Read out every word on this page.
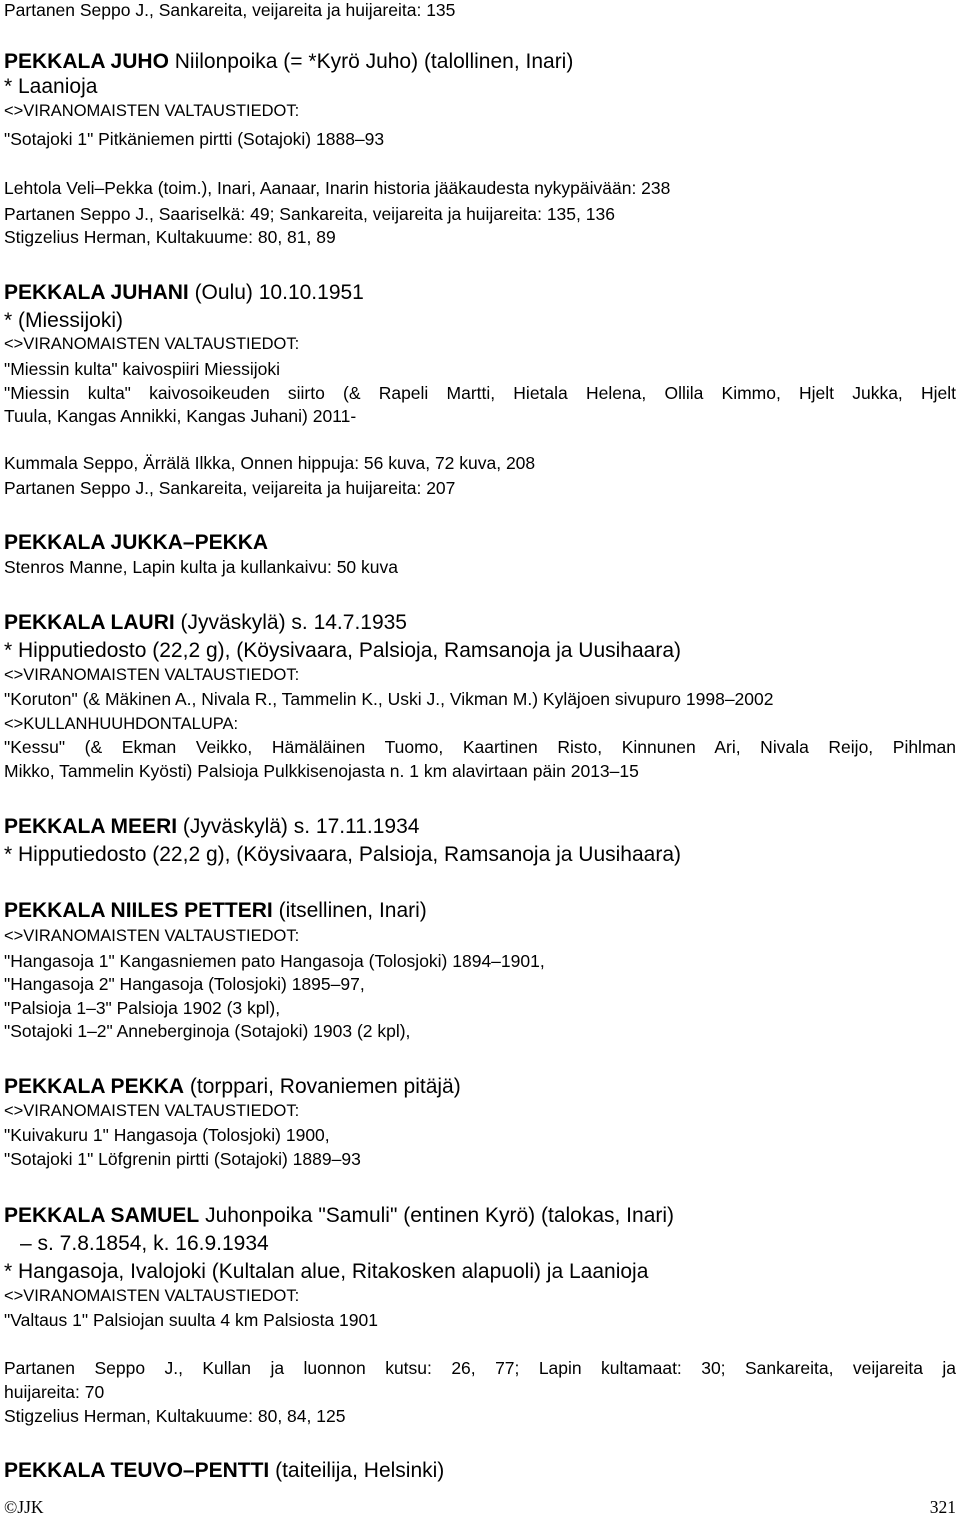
Partanen Seppo J., Sankareita, veijareita ja huijareita: 135
PEKKALA JUHO Niilonpoika (= *Kyrö Juho) (talollinen, Inari)
* Laanioja
<>VIRANOMAISTEN VALTAUSTIEDOT:
"Sotajoki 1" Pitkäniemen pirtti (Sotajoki) 1888–93
Lehtola Veli–Pekka (toim.), Inari, Aanaar, Inarin historia jääkaudesta nykypäivään: 238
Partanen Seppo J., Saariselkä: 49; Sankareita, veijareita ja huijareita: 135, 136
Stigzelius Herman, Kultakuume: 80, 81, 89
PEKKALA JUHANI (Oulu) 10.10.1951
* (Miessijoki)
<>VIRANOMAISTEN VALTAUSTIEDOT:
"Miessin kulta" kaivospiiri Miessijoki
"Miessin kulta" kaivosoikeuden siirto (& Rapeli Martti, Hietala Helena, Ollila Kimmo, Hjelt Jukka, Hjelt
Tuula, Kangas Annikki, Kangas Juhani) 2011-
Kummala Seppo, Ärrälä Ilkka, Onnen hippuja: 56 kuva, 72 kuva, 208
Partanen Seppo J., Sankareita, veijareita ja huijareita: 207
PEKKALA JUKKA–PEKKA
Stenros Manne, Lapin kulta ja kullankaivu: 50 kuva
PEKKALA LAURI (Jyväskylä) s. 14.7.1935
* Hipputiedosto (22,2 g), (Köysivaara, Palsioja, Ramsanoja ja Uusihaara)
<>VIRANOMAISTEN VALTAUSTIEDOT:
"Koruton" (& Mäkinen A., Nivala R., Tammelin K., Uski J., Vikman M.) Kyläjoen sivupuro 1998–2002
<>KULLANHUUHDONTALUPA:
"Kessu" (& Ekman Veikko, Hämäläinen Tuomo, Kaartinen Risto, Kinnunen Ari, Nivala Reijo, Pihlman
Mikko, Tammelin Kyösti) Palsioja Pulkkisenojasta n. 1 km alavirtaan päin 2013–15
PEKKALA MEERI (Jyväskylä) s. 17.11.1934
* Hipputiedosto (22,2 g), (Köysivaara, Palsioja, Ramsanoja ja Uusihaara)
PEKKALA NIILES PETTERI (itsellinen, Inari)
<>VIRANOMAISTEN VALTAUSTIEDOT:
"Hangasoja 1" Kangasniemen pato Hangasoja (Tolosjoki) 1894–1901,
"Hangasoja 2" Hangasoja (Tolosjoki) 1895–97,
"Palsioja 1–3" Palsioja 1902 (3 kpl),
"Sotajoki 1–2" Anneberginoja (Sotajoki) 1903 (2 kpl),
PEKKALA PEKKA (torppari, Rovaniemen pitäjä)
<>VIRANOMAISTEN VALTAUSTIEDOT:
"Kuivakuru 1" Hangasoja (Tolosjoki) 1900,
"Sotajoki 1" Löfgrenin pirtti (Sotajoki) 1889–93
PEKKALA SAMUEL Juhonpoika "Samuli" (entinen Kyrö) (talokas, Inari)
– s. 7.8.1854, k. 16.9.1934
* Hangasoja, Ivalojoki (Kultalan alue, Ritakosken alapuoli) ja Laanioja
<>VIRANOMAISTEN VALTAUSTIEDOT:
"Valtaus 1" Palsiojan suulta 4 km Palsiosta 1901
Partanen Seppo J., Kullan ja luonnon kutsu: 26, 77; Lapin kultamaat: 30; Sankareita, veijareita ja
huijareita: 70
Stigzelius Herman, Kultakuume: 80, 84, 125
PEKKALA TEUVO–PENTTI (taiteilija, Helsinki)
©JJK	321
